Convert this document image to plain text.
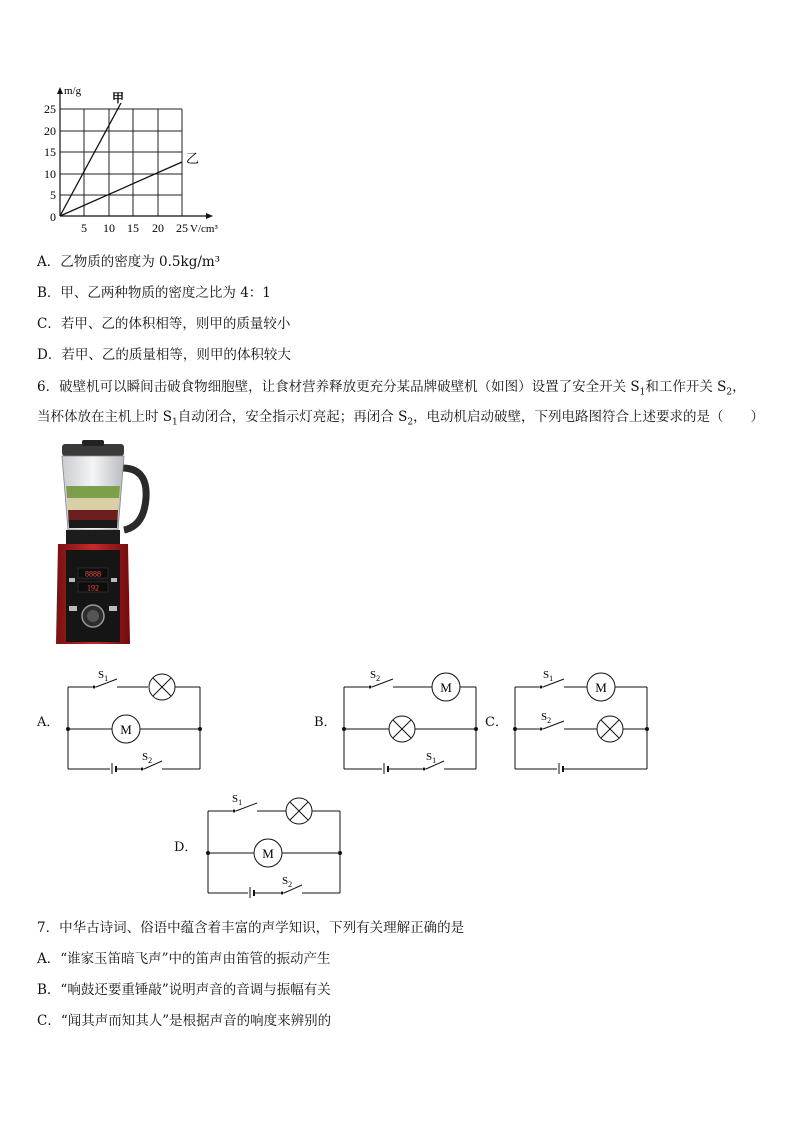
m/g
V/cm³
甲
乙
25
20
15
10
5
0
5 10 15 20 25
A．乙物质的密度为 0.5kg/m³
B．甲、乙两种物质的密度之比为 4：1
C．若甲、乙的体积相等，则甲的质量较小
D．若甲、乙的质量相等，则甲的体积较大
6．破壁机可以瞬间击破食物细胞壁，让食材营养释放更充分某品牌破壁机（如图）设置了安全开关 $S_1$和工作开关 $S_2$，
当杯体放在主机上时 $S_1$自动闭合，安全指示灯亮起；再闭合 $S_2$，电动机启动破壁，下列电路图符合上述要求的是（　　）
8888
192
A．	M
$S_1$
$S_2$
B．
M
$S_2$
$S_1$
C．
M
$S_1$
$S_2$
D．	M
$S_1$
$S_2$
7．中华古诗词、俗语中蕴含着丰富的声学知识，下列有关理解正确的是
A．“谁家玉笛暗飞声”中的笛声由笛管的振动产生
B．“响鼓还要重锤敲”说明声音的音调与振幅有关
C．“闻其声而知其人”是根据声音的响度来辨别的
